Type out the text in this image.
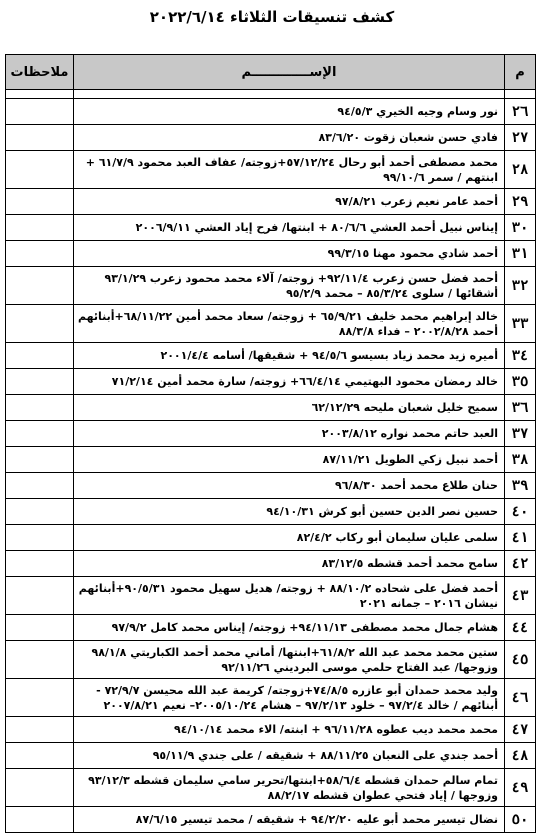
كشف تنسيقات الثلاثاء ٢٠٢٢/٦/١٤
م	الإســـــــــــــم	ملاحظات

٢٦	نور وسام وجيه الخيري ٩٤/٥/٣	
٢٧	فادي حسن شعبان زقوت ٨٣/٦/٢٠	
٢٨	محمد مصطفى أحمد أبو رحال ٥٧/١٢/٢٤+زوجته/ عفاف العبد محمود ٦١/٧/٩ + ابنتهم / سمر ٩٩/١٠/٦	
٢٩	أحمد عامر نعيم زعرب ٩٧/٨/٢١	
٣٠	إيناس نبيل أحمد العشي ٨٠/٦/٦ + ابنتها/ فرح إياد العشي ٢٠٠٦/٩/١١	
٣١	أحمد شادي محمود مهنا ٩٩/٣/١٥	
٣٢	أحمد فضل حسن زعرب ٩٢/١١/٤+ زوجته/ آلاء محمد محمود زعرب ٩٣/١/٢٩ أشقائها / سلوى ٨٥/٣/٢٤ – محمد ٩٥/٢/٩	
٣٣	خالد إبراهيم محمد خليف ٦٥/٩/٢١ + زوجته/ سعاد محمد أمين ٦٨/١١/٢٢+أبنائهم أحمد ٢٠٠٢/٨/٢٨ – فداء ٨٨/٣/٨	
٣٤	أميره زيد محمد زياد بسيسو ٩٤/٥/٦ + شقيقها/ أسامه ٢٠٠١/٤/٤	
٣٥	خالد رمضان محمود البهتيمي ٦٦/٤/١٤+ زوجته/ سارة محمد أمين ٧١/٢/١٤	
٣٦	سميح خليل شعبان مليحه ٦٢/١٢/٢٩	
٣٧	العبد حاتم محمد نواره ٢٠٠٣/٨/١٢	
٣٨	أحمد نبيل زكي الطويل ٨٧/١١/٢١	
٣٩	حنان طلاع محمد أحمد ٩٦/٨/٣٠	
٤٠	حسين نصر الدين حسين أبو كرش ٩٤/١٠/٣١	
٤١	سلمى عليان سليمان أبو ركاب ٨٢/٤/٢	
٤٢	سامح محمد أحمد قشطه ٨٣/١٢/٥	
٤٣	أحمد فضل على شحاده ٨٨/١٠/٢ + زوجته/ هديل سهيل محمود ٩٠/٥/٣١+أبنائهم نيشان ٢٠١٦ – جمانه ٢٠٢١	
٤٤	هشام جمال محمد مصطفى ٩٤/١١/١٣+ زوجته/ إيناس محمد كامل ٩٧/٩/٢	
٤٥	ستين محمد محمد عبد الله ٦١/٨/٢+ابنتها/ أماني محمد أحمد الكباريتي ٩٨/١/٨ وزوجها/ عبد الفتاح حلمي موسى البرديني ٩٢/١١/٢٦	
٤٦	وليد محمد حمدان أبو عازره ٧٤/٨/٥+زوجته/ كريمة عبد الله محيسن ٧٢/٩/٧ - أبنائهم / خالد ٩٧/٢/٤ – خلود ٩٧/٢/١٣ – هشام ٢٠٠٥/١٠/٢٤– نعيم ٢٠٠٧/٨/٢١	
٤٧	محمد محمد ديب عطوه ٩٦/١١/٢٨ + ابنته/ الاء محمد ٩٤/١٠/١٤	
٤٨	أحمد جندي على النعبان ٨٨/١١/٢٥ + شقيقه / على جندي ٩٥/١١/٩	
٤٩	تمام سالم حمدان قشطه ٥٨/٦/٤+ابنتها/تحرير سامي سليمان قشطه ٩٣/١٢/٣ وزوجها / إياد فتحي عطوان قشطه ٨٨/٢/١٧	
٥٠	نضال تيسير محمد أبو عليه ٩٤/٢/٢٠ + شقيقه / محمد تيسير ٨٧/٦/١٥	
